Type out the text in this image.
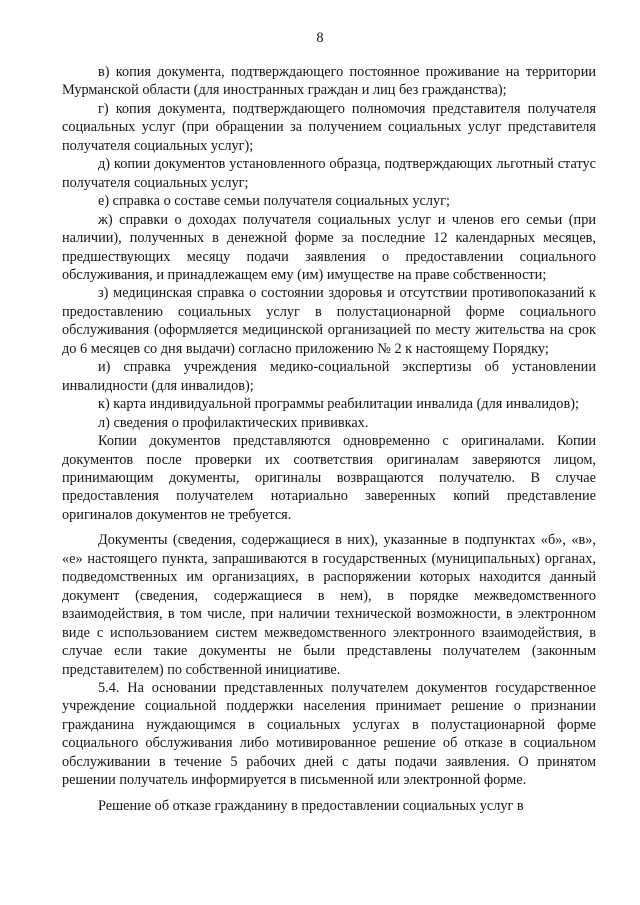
8

в) копия документа, подтверждающего постоянное проживание на территории Мурманской области (для иностранных граждан и лиц без гражданства);

г) копия документа, подтверждающего полномочия представителя получателя социальных услуг (при обращении за получением социальных услуг представителя получателя социальных услуг);

д) копии документов установленного образца, подтверждающих льготный статус получателя социальных услуг;

е) справка о составе семьи получателя социальных услуг;

ж) справки о доходах получателя социальных услуг и членов его семьи (при наличии), полученных в денежной форме за последние 12 календарных месяцев, предшествующих месяцу подачи заявления о предоставлении социального обслуживания, и принадлежащем ему (им) имуществе на праве собственности;

з) медицинская справка о состоянии здоровья и отсутствии противопоказаний к предоставлению социальных услуг в полустационарной форме социального обслуживания (оформляется медицинской организацией по месту жительства на срок до 6 месяцев со дня выдачи) согласно приложению № 2 к настоящему Порядку;

и) справка учреждения медико-социальной экспертизы об установлении инвалидности (для инвалидов);

к) карта индивидуальной программы реабилитации инвалида (для инвалидов);

л) сведения о профилактических прививках.

Копии документов представляются одновременно с оригиналами. Копии документов после проверки их соответствия оригиналам заверяются лицом, принимающим документы, оригиналы возвращаются получателю. В случае предоставления получателем нотариально заверенных копий представление оригиналов документов не требуется.

Документы (сведения, содержащиеся в них), указанные в подпунктах «б», «в», «е» настоящего пункта, запрашиваются в государственных (муниципальных) органах, подведомственных им организациях, в распоряжении которых находится данный документ (сведения, содержащиеся в нем), в порядке межведомственного взаимодействия, в том числе, при наличии технической возможности, в электронном виде с использованием систем межведомственного электронного взаимодействия, в случае если такие документы не были представлены получателем (законным представителем) по собственной инициативе.

5.4. На основании представленных получателем документов государственное учреждение социальной поддержки населения принимает решение о признании гражданина нуждающимся в социальных услугах в полустационарной форме социального обслуживания либо мотивированное решение об отказе в социальном обслуживании в течение 5 рабочих дней с даты подачи заявления. О принятом решении получатель информируется в письменной или электронной форме.

Решение об отказе гражданину в предоставлении социальных услуг в
